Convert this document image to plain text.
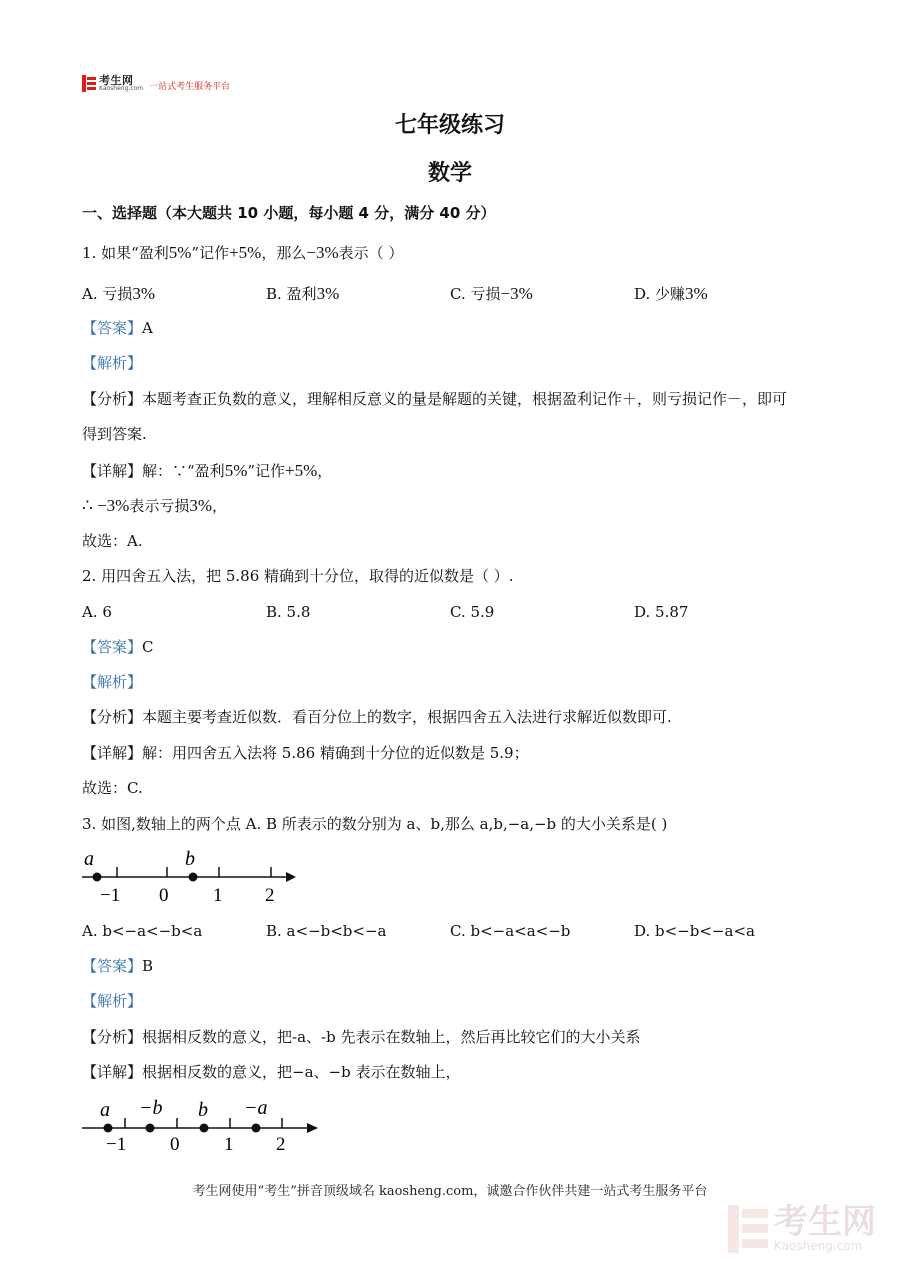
考生网
Kaosheng.com 一站式考生服务平台
七年级练习
数学
一、选择题（本大题共 10 小题，每小题 4 分，满分 40 分）
1. 如果“盈利5%”记作+5%，那么−3%表示（ ）
A. 亏损3%	B. 盈利3%	C. 亏损−3%	D. 少赚3%
【答案】A
【解析】
【分析】本题考查正负数的意义，理解相反意义的量是解题的关键，根据盈利记作＋，则亏损记作－，即可
得到答案.
【详解】解：∵“盈利5%”记作+5%，
∴ −3%表示亏损3%，
故选：A.
2. 用四舍五入法，把 5.86 精确到十分位，取得的近似数是（ ）.
A. 6	B. 5.8	C. 5.9	D. 5.87
【答案】C
【解析】
【分析】本题主要考查近似数．看百分位上的数字，根据四舍五入法进行求解近似数即可.
【详解】解：用四舍五入法将 5.86 精确到十分位的近似数是 5.9；
故选：C.
3. 如图,数轴上的两个点 A. B 所表示的数分别为 a、b,那么 a,b,−a,−b 的大小关系是( )
a	b
−1 0 1 2
A. b<−a<−b<a	B. a<−b<b<−a	C. b<−a<a<−b	D. b<−b<−a<a
【答案】B
【解析】
【分析】根据相反数的意义，把-a、-b 先表示在数轴上，然后再比较它们的大小关系
【详解】根据相反数的意义，把−a、−b 表示在数轴上，
a −b b −a
−1 0 1 2
考生网使用“考生”拼音顶级域名 kaosheng.com，诚邀合作伙伴共建一站式考生服务平台
考生网
Kaosheng.com
